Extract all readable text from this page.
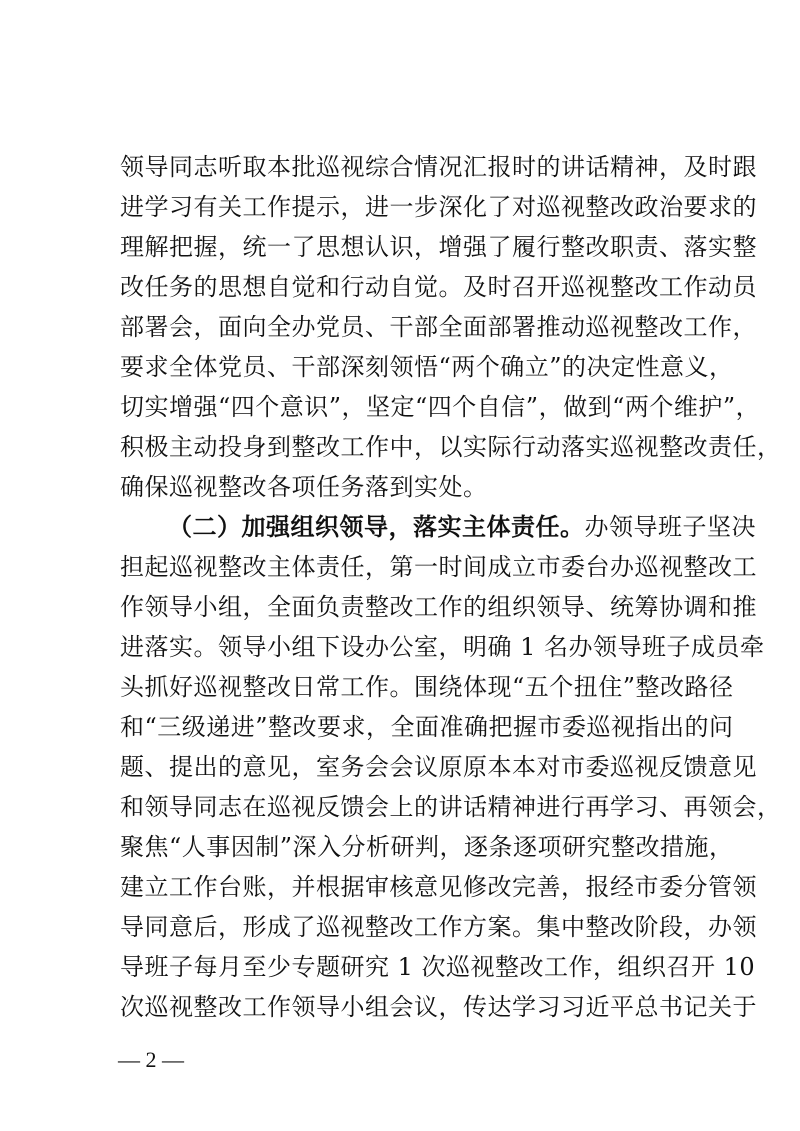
领导同志听取本批巡视综合情况汇报时的讲话精神，及时跟
进学习有关工作提示，进一步深化了对巡视整改政治要求的
理解把握，统一了思想认识，增强了履行整改职责、落实整
改任务的思想自觉和行动自觉。及时召开巡视整改工作动员
部署会，面向全办党员、干部全面部署推动巡视整改工作，
要求全体党员、干部深刻领悟“两个确立”的决定性意义，
切实增强“四个意识”，坚定“四个自信”，做到“两个维护”，
积极主动投身到整改工作中，以实际行动落实巡视整改责任，
确保巡视整改各项任务落到实处。
（二）加强组织领导，落实主体责任。办领导班子坚决
担起巡视整改主体责任，第一时间成立市委台办巡视整改工
作领导小组，全面负责整改工作的组织领导、统筹协调和推
进落实。领导小组下设办公室，明确 1 名办领导班子成员牵
头抓好巡视整改日常工作。围绕体现“五个扭住”整改路径
和“三级递进”整改要求，全面准确把握市委巡视指出的问
题、提出的意见，室务会会议原原本本对市委巡视反馈意见
和领导同志在巡视反馈会上的讲话精神进行再学习、再领会，
聚焦“人事因制”深入分析研判，逐条逐项研究整改措施，
建立工作台账，并根据审核意见修改完善，报经市委分管领
导同意后，形成了巡视整改工作方案。集中整改阶段，办领
导班子每月至少专题研究 1 次巡视整改工作，组织召开 10
次巡视整改工作领导小组会议，传达学习习近平总书记关于
— 2 —
